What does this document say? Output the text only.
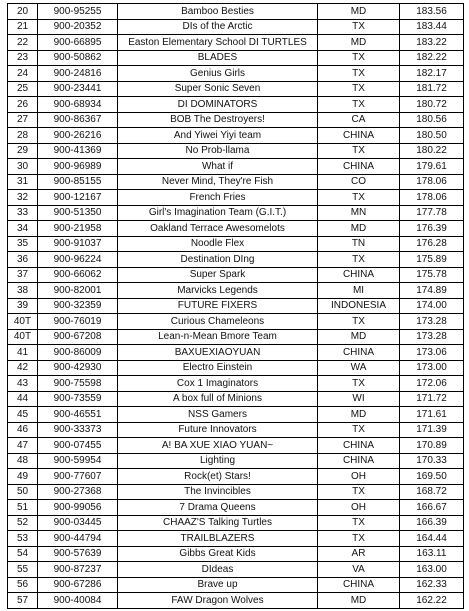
20	900-95255	Bamboo Besties	MD	183.56
21	900-20352	DIs of the Arctic	TX	183.44
22	900-66895	Easton Elementary School DI TURTLES	MD	183.22
23	900-50862	BLADES	TX	182.22
24	900-24816	Genius Girls	TX	182.17
25	900-23441	Super Sonic Seven	TX	181.72
26	900-68934	DI DOMINATORS	TX	180.72
27	900-86367	BOB The Destroyers!	CA	180.56
28	900-26216	And Yiwei Yiyi team	CHINA	180.50
29	900-41369	No Prob-llama	TX	180.22
30	900-96989	What if	CHINA	179.61
31	900-85155	Never Mind, They're Fish	CO	178.06
32	900-12167	French Fries	TX	178.06
33	900-51350	Girl's Imagination Team (G.I.T.)	MN	177.78
34	900-21958	Oakland Terrace Awesomelots	MD	176.39
35	900-91037	Noodle Flex	TN	176.28
36	900-96224	Destination DIng	TX	175.89
37	900-66062	Super Spark	CHINA	175.78
38	900-82001	Marvicks Legends	MI	174.89
39	900-32359	FUTURE FIXERS	INDONESIA	174.00
40T	900-76019	Curious Chameleons	TX	173.28
40T	900-67208	Lean-n-Mean Bmore Team	MD	173.28
41	900-86009	BAXUEXIAOYUAN	CHINA	173.06
42	900-42930	Electro Einstein	WA	173.00
43	900-75598	Cox 1 Imaginators	TX	172.06
44	900-73559	A box full of Minions	WI	171.72
45	900-46551	NSS Gamers	MD	171.61
46	900-33373	Future Innovators	TX	171.39
47	900-07455	A! BA XUE XIAO YUAN~	CHINA	170.89
48	900-59954	Lighting	CHINA	170.33
49	900-77607	Rock(et) Stars!	OH	169.50
50	900-27368	The Invincibles	TX	168.72
51	900-99056	7 Drama Queens	OH	166.67
52	900-03445	CHAAZ'S Talking Turtles	TX	166.39
53	900-44794	TRAILBLAZERS	TX	164.44
54	900-57639	Gibbs Great Kids	AR	163.11
55	900-87237	DIdeas	VA	163.00
56	900-67286	Brave up	CHINA	162.33
57	900-40084	FAW Dragon Wolves	MD	162.22
